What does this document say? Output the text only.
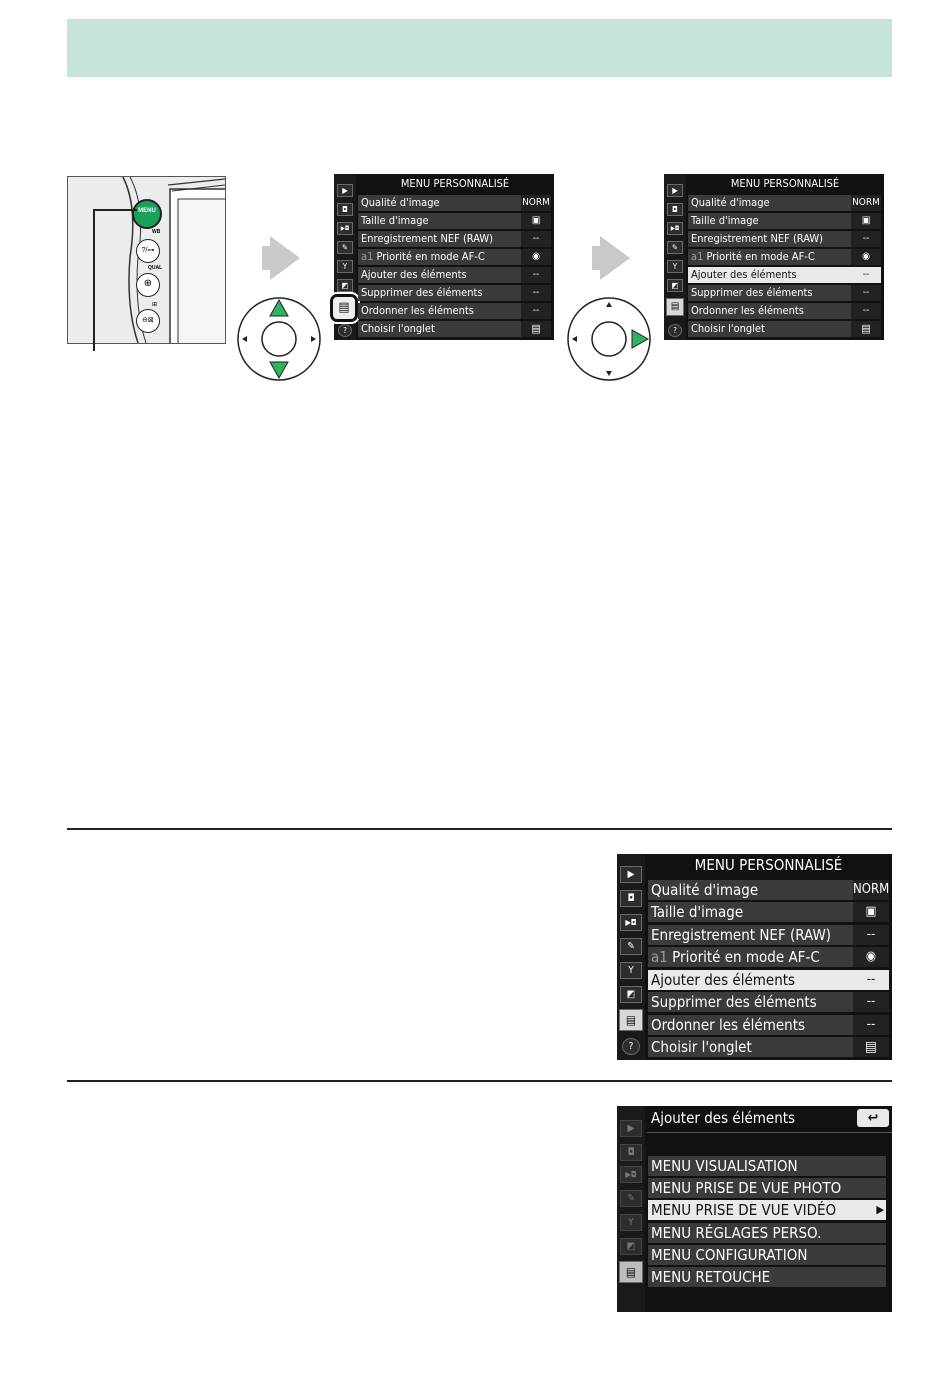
MENU
?/⊶
WB
⊕
QUAL
⊖⊠
⊞
▶
◘
▶◘
✎
Y
◩
▤
?
MENU PERSONNALISÉ
Qualité d'image	NORM
Taille d'image	▣
Enregistrement NEF (RAW)	--
a1 Priorité en mode AF-C	◉
Ajouter des éléments	--
Supprimer des éléments	--
Ordonner les éléments	--
Choisir l'onglet	▤
▶
◘
▶◘
✎
Y
◩
▤
?
MENU PERSONNALISÉ
Qualité d'image	NORM
Taille d'image	▣
Enregistrement NEF (RAW)	--
a1 Priorité en mode AF-C	◉
Ajouter des éléments	--
Supprimer des éléments	--
Ordonner les éléments	--
Choisir l'onglet	▤
▶
◘
▶◘
✎
Y
◩
▤
?
MENU PERSONNALISÉ
Qualité d'image	NORM
Taille d'image	▣
Enregistrement NEF (RAW)	--
a1 Priorité en mode AF-C	◉
Ajouter des éléments	--
Supprimer des éléments	--
Ordonner les éléments	--
Choisir l'onglet	▤
▶
◘
▶◘
✎
Y
◩
▤
Ajouter des éléments	↩
MENU VISUALISATION
MENU PRISE DE VUE PHOTO
MENU PRISE DE VUE VIDÉO	▶
MENU RÉGLAGES PERSO.
MENU CONFIGURATION
MENU RETOUCHE
